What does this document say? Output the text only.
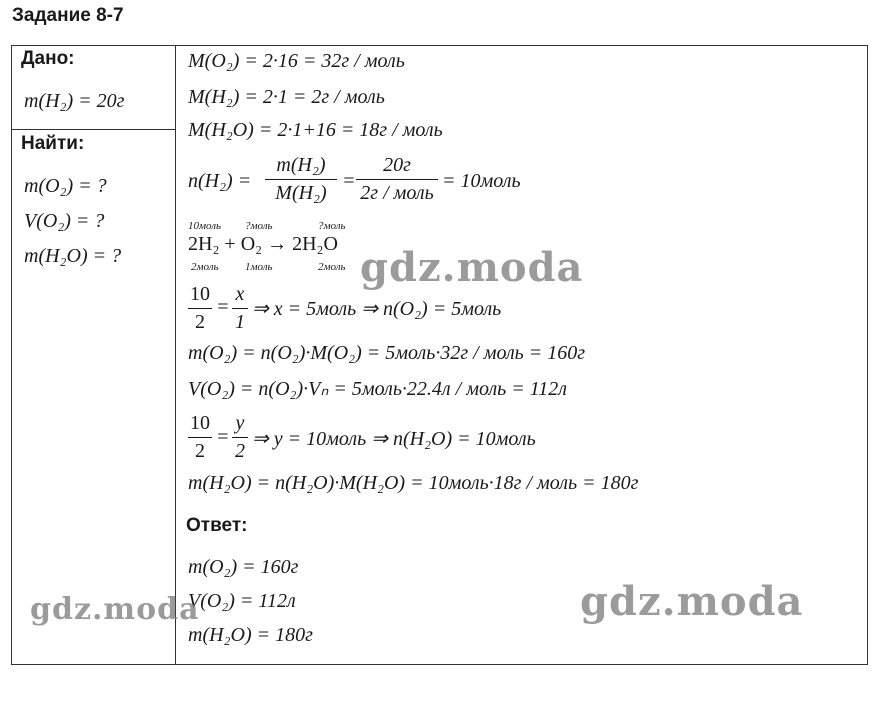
Задание 8-7
Дано:
m(H₂) = 20г
Найти:
m(O₂) = ?
V(O₂) = ?
m(H₂O) = ?
M(O₂) = 2·16 = 32г / моль
M(H₂) = 2·1 = 2г / моль
M(H₂O) = 2·1+16 = 18г / моль
n(H₂) =
m(H₂)
M(H₂)
=
20г
2г / моль
= 10моль
10моль ?моль	?моль
2H₂ + O₂ → 2H₂O
2моль 1моль	2моль
10
2
=
x
1
⇒ x = 5моль ⇒ n(O₂) = 5моль
m(O₂) = n(O₂)·M(O₂) = 5моль·32г / моль = 160г
V(O₂) = n(O₂)·Vₙ = 5моль·22.4л / моль = 112л
10
2
=
y
2
⇒ y = 10моль ⇒ n(H₂O) = 10моль
m(H₂O) = n(H₂O)·M(H₂O) = 10моль·18г / моль = 180г
Ответ:
m(O₂) = 160г
V(O₂) = 112л
m(H₂O) = 180г
gdz.moda
gdz.moda	gdz.moda
